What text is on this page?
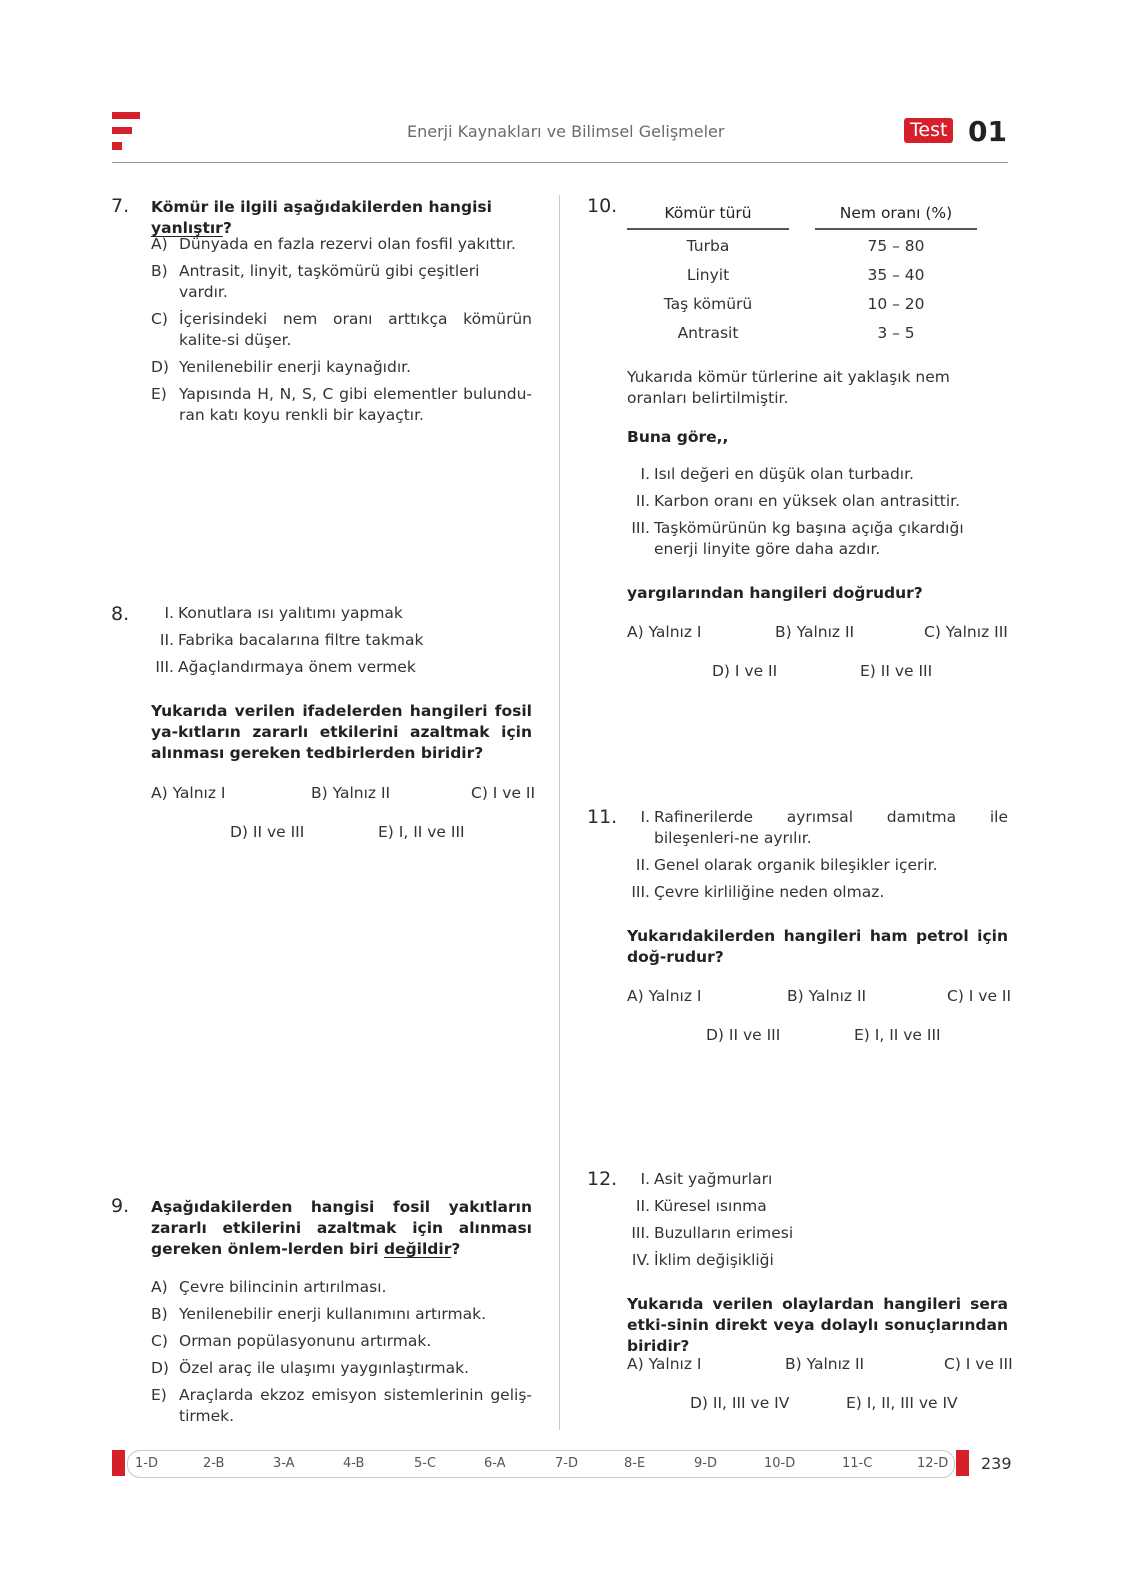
Enerji Kaynakları ve Bilimsel Gelişmeler	Test 01
7. Kömür ile ilgili aşağıdakilerden hangisi yanlıştır?
A) Dünyada en fazla rezervi olan fosfil yakıttır.
B) Antrasit, linyit, taşkömürü gibi çeşitleri vardır.
C) İçerisindeki nem oranı arttıkça kömürün kalite-si düşer.
D) Yenilenebilir enerji kaynağıdır.
E) Yapısında H, N, S, C gibi elementler bulundu-ran katı koyu renkli bir kayaçtır.
8.	I. Konutlara ısı yalıtımı yapmak
II. Fabrika bacalarına filtre takmak
III. Ağaçlandırmaya önem vermek
Yukarıda verilen ifadelerden hangileri fosil ya-kıtların zararlı etkilerini azaltmak için alınması gereken tedbirlerden biridir?
A) Yalnız I	B) Yalnız II	C) I ve II
D) II ve III	E) I, II ve III
9. Aşağıdakilerden hangisi fosil yakıtların zararlı etkilerini azaltmak için alınması gereken önlem-lerden biri değildir?
A) Çevre bilincinin artırılması.
B) Yenilenebilir enerji kullanımını artırmak.
C) Orman popülasyonunu artırmak.
D) Özel araç ile ulaşımı yaygınlaştırmak.
E) Araçlarda ekzoz emisyon sistemlerinin geliş-tirmek.
10.	Kömür türü	Nem oranı (%)
Turba	75 – 80
Linyit	35 – 40
Taş kömürü	10 – 20
Antrasit	3 – 5
Yukarıda kömür türlerine ait yaklaşık nem oranları belirtilmiştir.
Buna göre,,
I. Isıl değeri en düşük olan turbadır.
II. Karbon oranı en yüksek olan antrasittir.
III. Taşkömürünün kg başına açığa çıkardığı enerji linyite göre daha azdır.
yargılarından hangileri doğrudur?
A) Yalnız I	B) Yalnız II	C) Yalnız III
D) I ve II	E) II ve III
11.	I. Rafinerilerde ayrımsal damıtma ile bileşenleri-ne ayrılır.
II. Genel olarak organik bileşikler içerir.
III. Çevre kirliliğine neden olmaz.
Yukarıdakilerden hangileri ham petrol için doğ-rudur?
A) Yalnız I	B) Yalnız II	C) I ve II
D) II ve III	E) I, II ve III
12.	I. Asit yağmurları
II. Küresel ısınma
III. Buzulların erimesi
IV. İklim değişikliği
Yukarıda verilen olaylardan hangileri sera etki-sinin direkt veya dolaylı sonuçlarından biridir?
A) Yalnız I	B) Yalnız II	C) I ve III
D) II, III ve IV	E) I, II, III ve IV
1-D	2-B	3-A	4-B	5-C	6-A	7-D	8-E	9-D	10-D	11-C	12-D 239
